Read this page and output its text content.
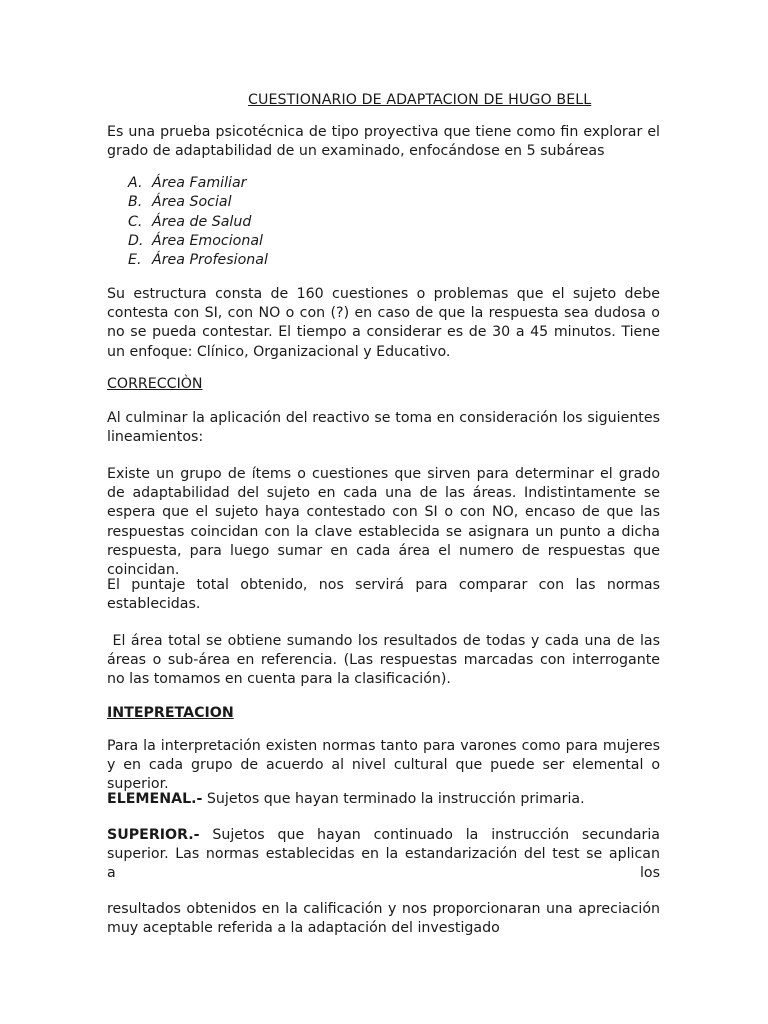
CUESTIONARIO DE ADAPTACION DE HUGO BELL
Es una prueba psicotécnica de tipo proyectiva que tiene como fin explorar el grado de adaptabilidad de un examinado, enfocándose en 5 subáreas
A. Área Familiar
B. Área Social
C. Área de Salud
D. Área Emocional
E. Área Profesional
Su estructura consta de 160 cuestiones o problemas que el sujeto debe contesta con SI, con NO o con (?) en caso de que la respuesta sea dudosa o no se pueda contestar. El tiempo a considerar es de 30 a 45 minutos. Tiene un enfoque: Clínico, Organizacional y Educativo.
CORRECCIÒN
Al culminar la aplicación del reactivo se toma en consideración los siguientes lineamientos:
Existe un grupo de ítems o cuestiones que sirven para determinar el grado de adaptabilidad del sujeto en cada una de las áreas. Indistintamente se espera que el sujeto haya contestado con SI o con NO, encaso de que las respuestas coincidan con la clave establecida se asignara un punto a dicha respuesta, para luego sumar en cada área el numero de respuestas que coincidan.
El puntaje total obtenido, nos servirá para comparar con las normas establecidas.
El área total se obtiene sumando los resultados de todas y cada una de las áreas o sub-área en referencia. (Las respuestas marcadas con interrogante no las tomamos en cuenta para la clasificación).
INTEPRETACION
Para la interpretación existen normas tanto para varones como para mujeres y en cada grupo de acuerdo al nivel cultural que puede ser elemental o superior.
ELEMENAL.- Sujetos que hayan terminado la instrucción primaria.
SUPERIOR.- Sujetos que hayan continuado la instrucción secundaria superior. Las normas establecidas en la estandarización del test se aplican a los
resultados obtenidos en la calificación y nos proporcionaran una apreciación muy aceptable referida a la adaptación del investigado
